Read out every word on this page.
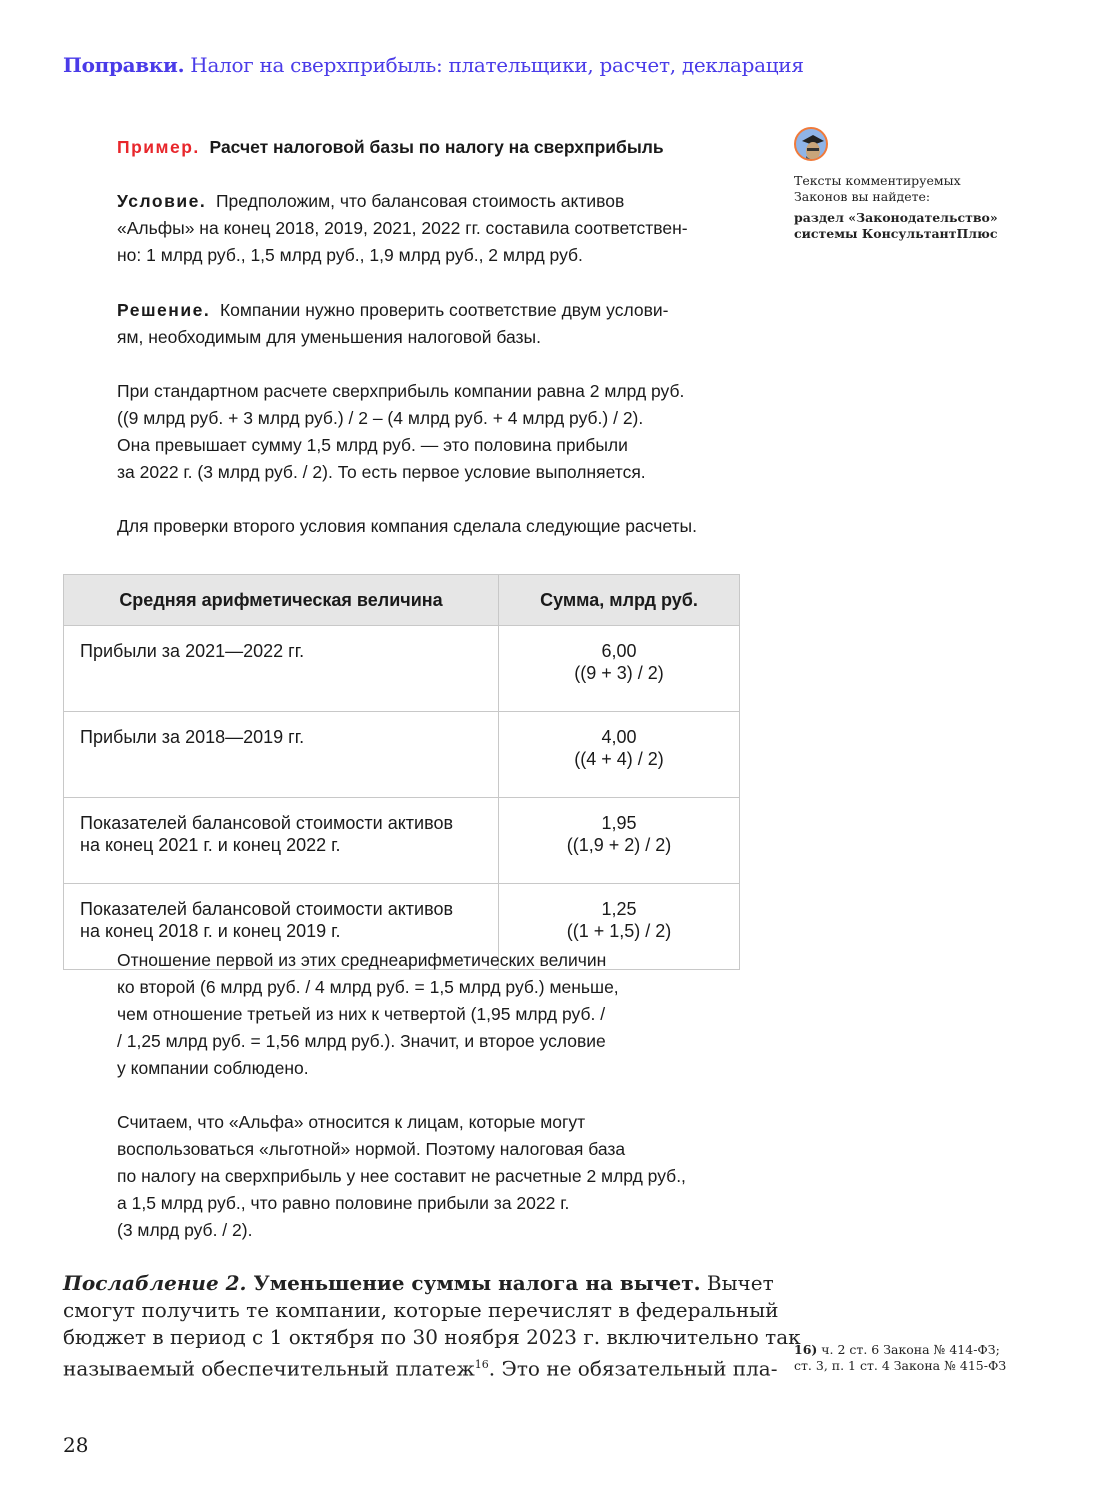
Поправки. Налог на сверхприбыль: плательщики, расчет, декларация
Пример. Расчет налоговой базы по налогу на сверхприбыль
Условие. Предположим, что балансовая стоимость активов
«Альфы» на конец 2018, 2019, 2021, 2022 гг. составила соответствен-
но: 1 млрд руб., 1,5 млрд руб., 1,9 млрд руб., 2 млрд руб.
Решение. Компании нужно проверить соответствие двум услови-
ям, необходимым для уменьшения налоговой базы.
При стандартном расчете сверхприбыль компании равна 2 млрд руб.
((9 млрд руб. + 3 млрд руб.) / 2 – (4 млрд руб. + 4 млрд руб.) / 2).
Она превышает сумму 1,5 млрд руб. — это половина прибыли
за 2022 г. (3 млрд руб. / 2). То есть первое условие выполняется.
Для проверки второго условия компания сделала следующие расчеты.
Средняя арифметическая величина	Сумма, млрд руб.

Прибыли за 2021—2022 гг.	6,00
((9 + 3) / 2)

Прибыли за 2018—2019 гг.	4,00
((4 + 4) / 2)

Показателей балансовой стоимости активов
на конец 2021 г. и конец 2022 г.	1,95
((1,9 + 2) / 2)

Показателей балансовой стоимости активов
на конец 2018 г. и конец 2019 г.	1,25
((1 + 1,5) / 2)
Отношение первой из этих среднеарифметических величин
ко второй (6 млрд руб. / 4 млрд руб. = 1,5 млрд руб.) меньше,
чем отношение третьей из них к четвертой (1,95 млрд руб. /
/ 1,25 млрд руб. = 1,56 млрд руб.). Значит, и второе условие
у компании соблюдено.
Считаем, что «Альфа» относится к лицам, которые могут
воспользоваться «льготной» нормой. Поэтому налоговая база
по налогу на сверхприбыль у нее составит не расчетные 2 млрд руб.,
а 1,5 млрд руб., что равно половине прибыли за 2022 г.
(3 млрд руб. / 2).
Тексты комментируемых
Законов вы найдете:
раздел «Законодательство»
системы КонсультантПлюс
Послабление 2. Уменьшение суммы налога на вычет. Вычет
смогут получить те компании, которые перечислят в федеральный
бюджет в период с 1 октября по 30 ноября 2023 г. включительно так
называемый обеспечительный платеж$^{16}$. Это не обязательный пла-
16) ч. 2 ст. 6 Закона № 414-ФЗ;
ст. 3, п. 1 ст. 4 Закона № 415-ФЗ
28
